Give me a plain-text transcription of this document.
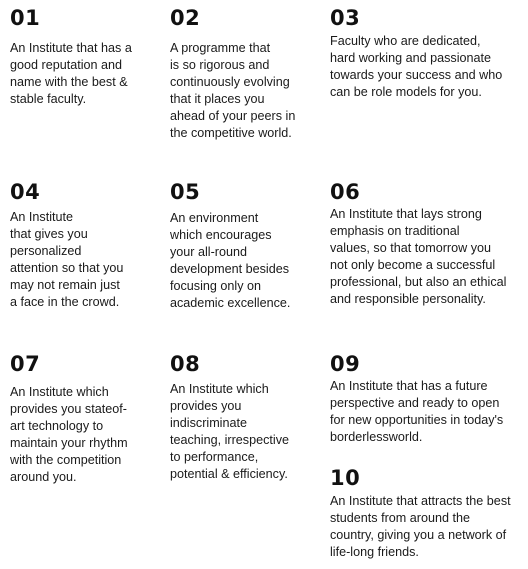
01
An Institute that has a
good reputation and
name with the best &
stable faculty.
02
A programme that
is so rigorous and
continuously evolving
that it places you
ahead of your peers in
the competitive world.
03
Faculty who are dedicated,
hard working and passionate
towards your success and who
can be role models for you.
04
An Institute
that gives you
personalized
attention so that you
may not remain just
a face in the crowd.
05
An environment
which encourages
your all-round
development besides
focusing only on
academic excellence.
06
An Institute that lays strong
emphasis on traditional
values, so that tomorrow you
not only become a successful
professional, but also an ethical
and responsible personality.
07
An Institute which
provides you stateof-
art technology to
maintain your rhythm
with the competition
around you.
08
An Institute which
provides you
indiscriminate
teaching, irrespective
to performance,
potential & efficiency.
09
An Institute that has a future
perspective and ready to open
for new opportunities in today's
borderlessworld.
10
An Institute that attracts the best
students from around the
country, giving you a network of
life-long friends.
